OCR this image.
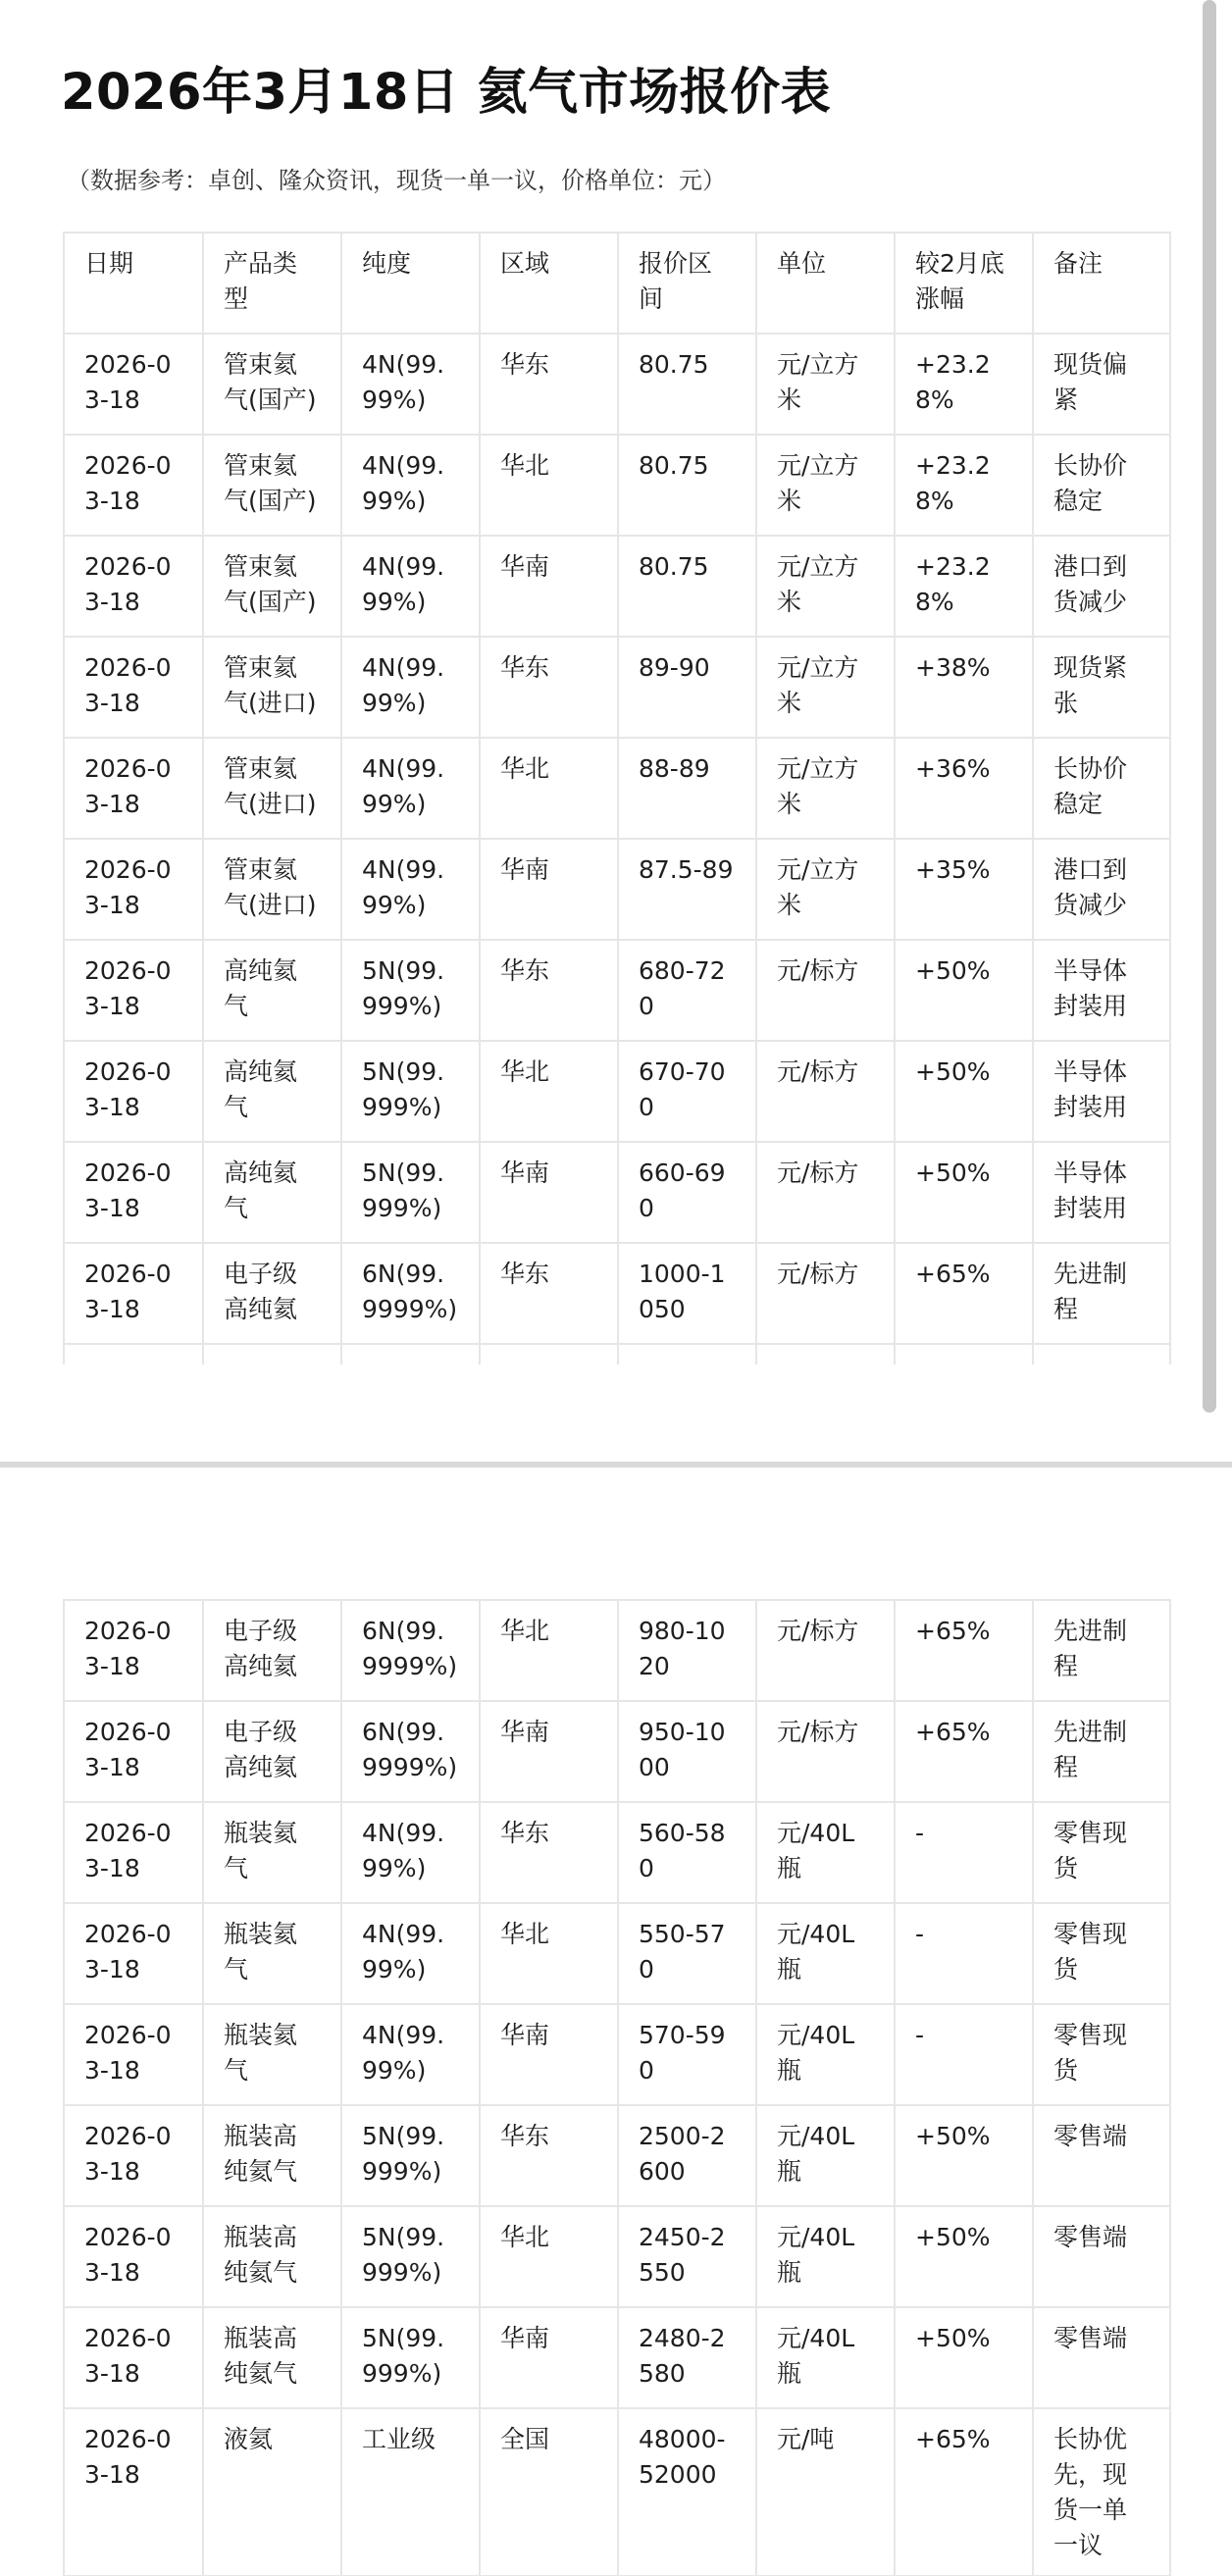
2026年3月18日 氦气市场报价表

（数据参考：卓创、隆众资讯，现货一单一议，价格单位：元）

日期	产品类型	纯度	区域	报价区间	单位	较2月底涨幅	备注
2026-03-18	管束氦气(国产)	4N(99.99%)	华东	80.75	元/立方米	+23.28%	现货偏紧
2026-03-18	管束氦气(国产)	4N(99.99%)	华北	80.75	元/立方米	+23.28%	长协价稳定
2026-03-18	管束氦气(国产)	4N(99.99%)	华南	80.75	元/立方米	+23.28%	港口到货减少
2026-03-18	管束氦气(进口)	4N(99.99%)	华东	89-90	元/立方米	+38%	现货紧张
2026-03-18	管束氦气(进口)	4N(99.99%)	华北	88-89	元/立方米	+36%	长协价稳定
2026-03-18	管束氦气(进口)	4N(99.99%)	华南	87.5-89	元/立方米	+35%	港口到货减少
2026-03-18	高纯氦气	5N(99.999%)	华东	680-720	元/标方	+50%	半导体封装用
2026-03-18	高纯氦气	5N(99.999%)	华北	670-700	元/标方	+50%	半导体封装用
2026-03-18	高纯氦气	5N(99.999%)	华南	660-690	元/标方	+50%	半导体封装用
2026-03-18	电子级高纯氦	6N(99.9999%)	华东	1000-1050	元/标方	+65%	先进制程

2026-03-18	电子级高纯氦	6N(99.9999%)	华北	980-1020	元/标方	+65%	先进制程
2026-03-18	电子级高纯氦	6N(99.9999%)	华南	950-1000	元/标方	+65%	先进制程
2026-03-18	瓶装氦气	4N(99.99%)	华东	560-580	元/40L瓶	-	零售现货
2026-03-18	瓶装氦气	4N(99.99%)	华北	550-570	元/40L瓶	-	零售现货
2026-03-18	瓶装氦气	4N(99.99%)	华南	570-590	元/40L瓶	-	零售现货
2026-03-18	瓶装高纯氦气	5N(99.999%)	华东	2500-2600	元/40L瓶	+50%	零售端
2026-03-18	瓶装高纯氦气	5N(99.999%)	华北	2450-2550	元/40L瓶	+50%	零售端
2026-03-18	瓶装高纯氦气	5N(99.999%)	华南	2480-2580	元/40L瓶	+50%	零售端
2026-03-18	液氦	工业级	全国	48000-52000	元/吨	+65%	长协优先，现货一单一议
